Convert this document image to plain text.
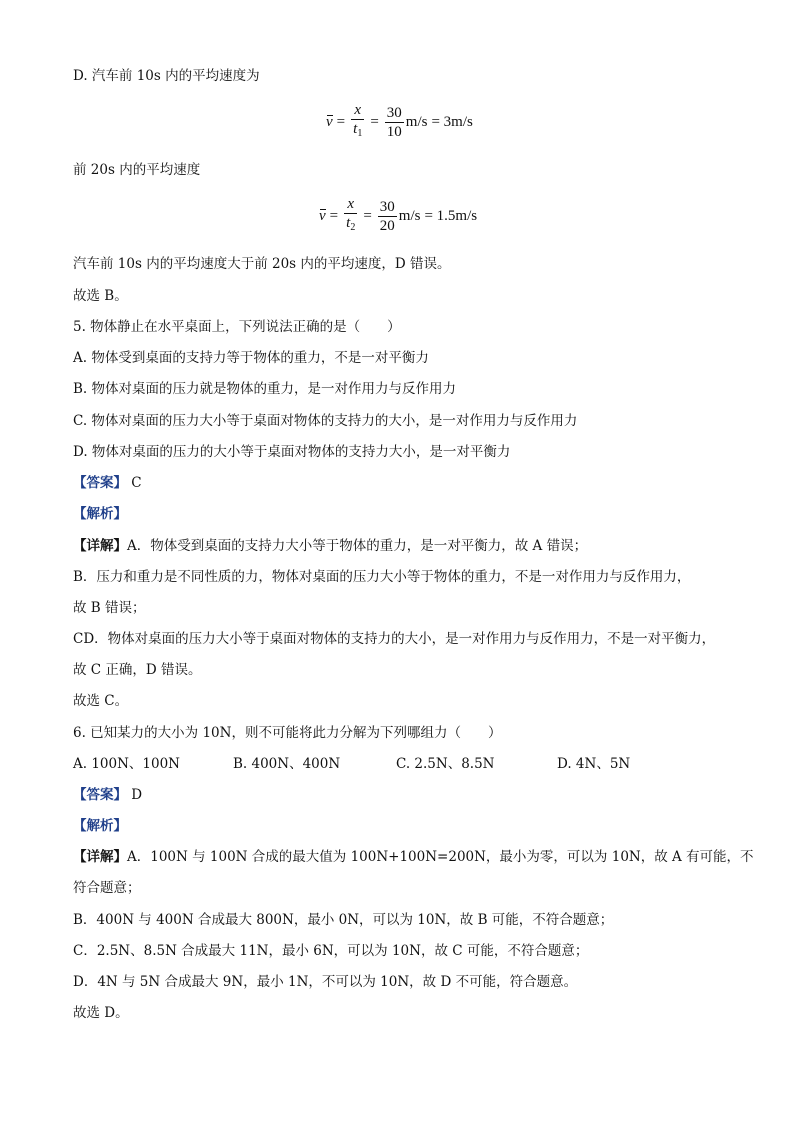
D. 汽车前 10s 内的平均速度为
$v = \frac{x}{t_1} = \frac{30}{10} m/s = 3m/s$
前 20s 内的平均速度
$v = \frac{x}{t_2} = \frac{30}{20} m/s = 1.5m/s$
汽车前 10s 内的平均速度大于前 20s 内的平均速度，D 错误。
故选 B。
5. 物体静止在水平桌面上，下列说法正确的是（　　）
A. 物体受到桌面的支持力等于物体的重力，不是一对平衡力
B. 物体对桌面的压力就是物体的重力，是一对作用力与反作用力
C. 物体对桌面的压力大小等于桌面对物体的支持力的大小，是一对作用力与反作用力
D. 物体对桌面的压力的大小等于桌面对物体的支持力大小，是一对平衡力
【答案】 C
【解析】
【详解】A．物体受到桌面的支持力大小等于物体的重力，是一对平衡力，故 A 错误；
B．压力和重力是不同性质的力，物体对桌面的压力大小等于物体的重力，不是一对作用力与反作用力，
故 B 错误；
CD．物体对桌面的压力大小等于桌面对物体的支持力的大小，是一对作用力与反作用力，不是一对平衡力，
故 C 正确，D 错误。
故选 C。
6. 已知某力的大小为 10N，则不可能将此力分解为下列哪组力（　　）
A. 100N、100N	B. 400N、400N	C. 2.5N、8.5N	D. 4N、5N
【答案】 D
【解析】
【详解】A．100N 与 100N 合成的最大值为 100N+100N=200N，最小为零，可以为 10N，故 A 有可能，不
符合题意；
B．400N 与 400N 合成最大 800N，最小 0N，可以为 10N，故 B 可能，不符合题意；
C．2.5N、8.5N 合成最大 11N，最小 6N，可以为 10N，故 C 可能，不符合题意；
D．4N 与 5N 合成最大 9N，最小 1N，不可以为 10N，故 D 不可能，符合题意。
故选 D。
